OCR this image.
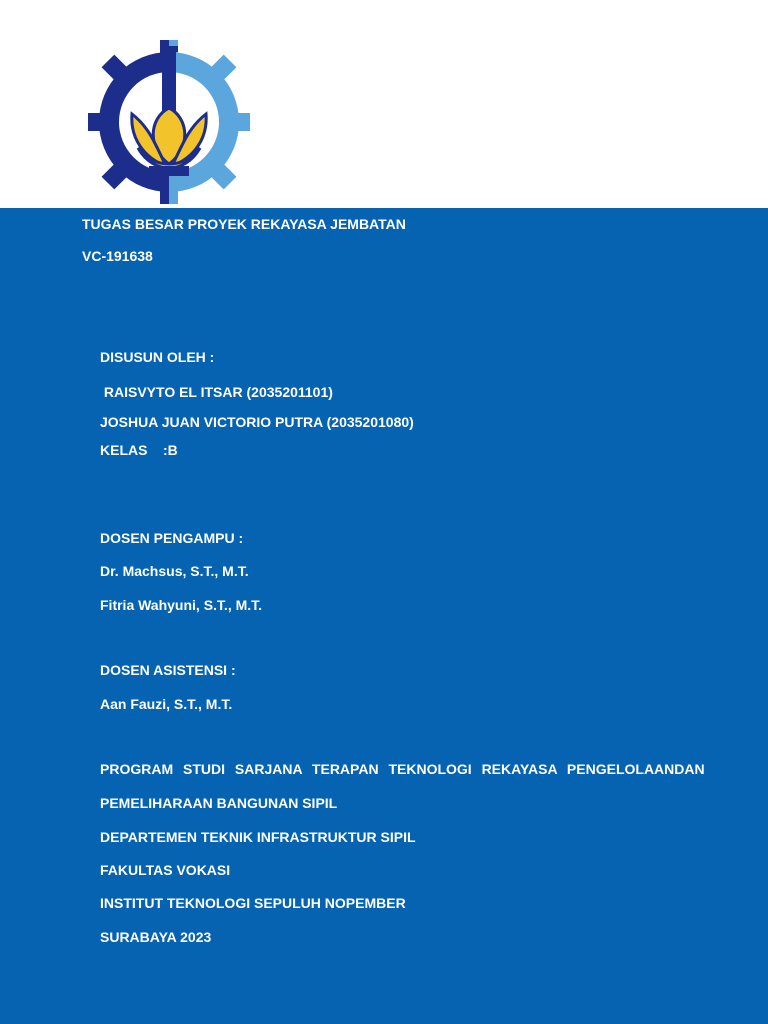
TUGAS BESAR PROYEK REKAYASA JEMBATAN
VC-191638
DISUSUN OLEH :
RAISVYTO EL ITSAR (2035201101)
JOSHUA JUAN VICTORIO PUTRA (2035201080)
KELAS    :B
DOSEN PENGAMPU :
Dr. Machsus, S.T., M.T.
Fitria Wahyuni, S.T., M.T.
DOSEN ASISTENSI :
Aan Fauzi, S.T., M.T.
PROGRAM STUDI SARJANA TERAPAN TEKNOLOGI REKAYASA PENGELOLAANDAN
PEMELIHARAAN BANGUNAN SIPIL
DEPARTEMEN TEKNIK INFRASTRUKTUR SIPIL
FAKULTAS VOKASI
INSTITUT TEKNOLOGI SEPULUH NOPEMBER
SURABAYA 2023
